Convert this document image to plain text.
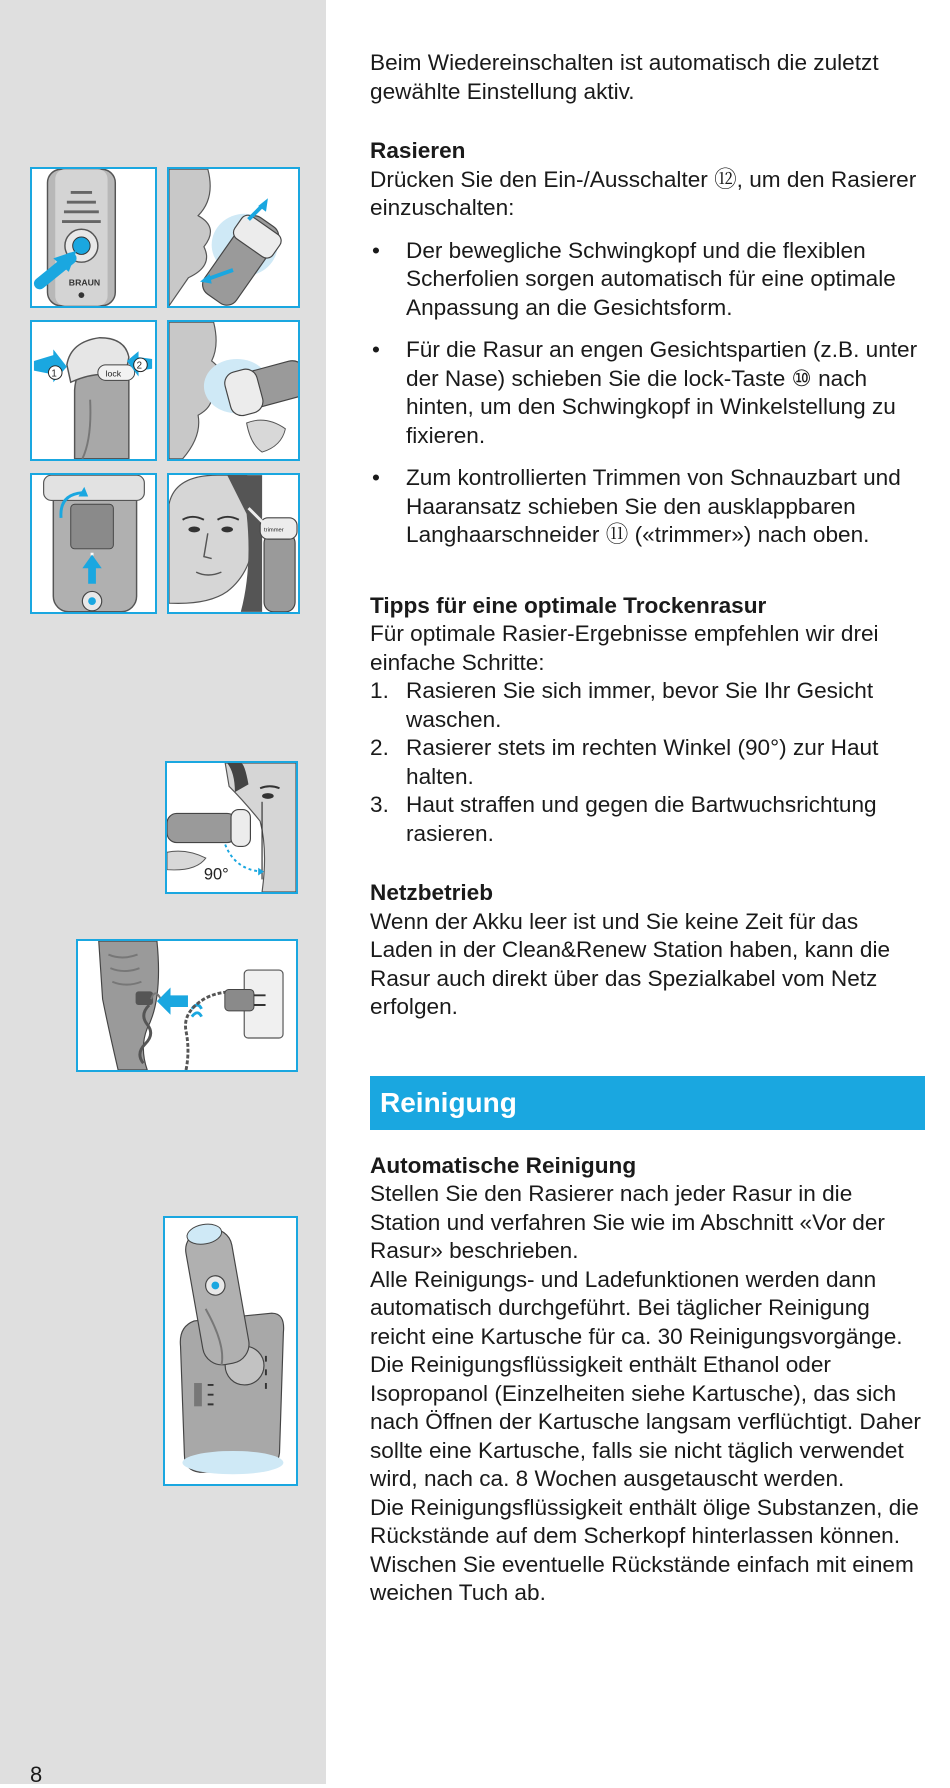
BRAUN
lock
1
2
trimmer
90°
8

Beim Wiedereinschalten ist automatisch die zuletzt gewählte Einstellung aktiv.

Rasieren

Drücken Sie den Ein-/Ausschalter ⑫, um den Rasierer einzuschalten:

• Der bewegliche Schwingkopf und die flexiblen Scherfolien sorgen automatisch für eine optimale Anpassung an die Gesichtsform.
• Für die Rasur an engen Gesichtspartien (z.B. unter der Nase) schieben Sie die lock-Taste ⑩ nach hinten, um den Schwingkopf in Winkelstellung zu fixieren.
• Zum kontrollierten Trimmen von Schnauzbart und Haaransatz schieben Sie den ausklappbaren Langhaarschneider ⑪ («trimmer») nach oben.
Tipps für eine optimale Trockenrasur

Für optimale Rasier-Ergebnisse empfehlen wir drei einfache Schritte:

1. Rasieren Sie sich immer, bevor Sie Ihr Gesicht waschen.
2. Rasierer stets im rechten Winkel (90°) zur Haut halten.
3. Haut straffen und gegen die Bartwuchsrichtung rasieren.
Netzbetrieb

Wenn der Akku leer ist und Sie keine Zeit für das Laden in der Clean&Renew Station haben, kann die Rasur auch direkt über das Spezialkabel vom Netz erfolgen.

Reinigung
Automatische Reinigung

Stellen Sie den Rasierer nach jeder Rasur in die Station und verfahren Sie wie im Abschnitt «Vor der Rasur» beschrieben.

Alle Reinigungs- und Ladefunktionen werden dann automatisch durchgeführt. Bei täglicher Reinigung reicht eine Kartusche für ca. 30 Reinigungsvorgänge.

Die Reinigungsflüssigkeit enthält Ethanol oder Isopropanol (Einzelheiten siehe Kartusche), das sich nach Öffnen der Kartusche langsam verflüchtigt. Daher sollte eine Kartusche, falls sie nicht täglich verwendet wird, nach ca. 8 Wochen ausgetauscht werden.

Die Reinigungsflüssigkeit enthält ölige Substanzen, die Rückstände auf dem Scherkopf hinterlassen können. Wischen Sie eventuelle Rückstände einfach mit einem weichen Tuch ab.
